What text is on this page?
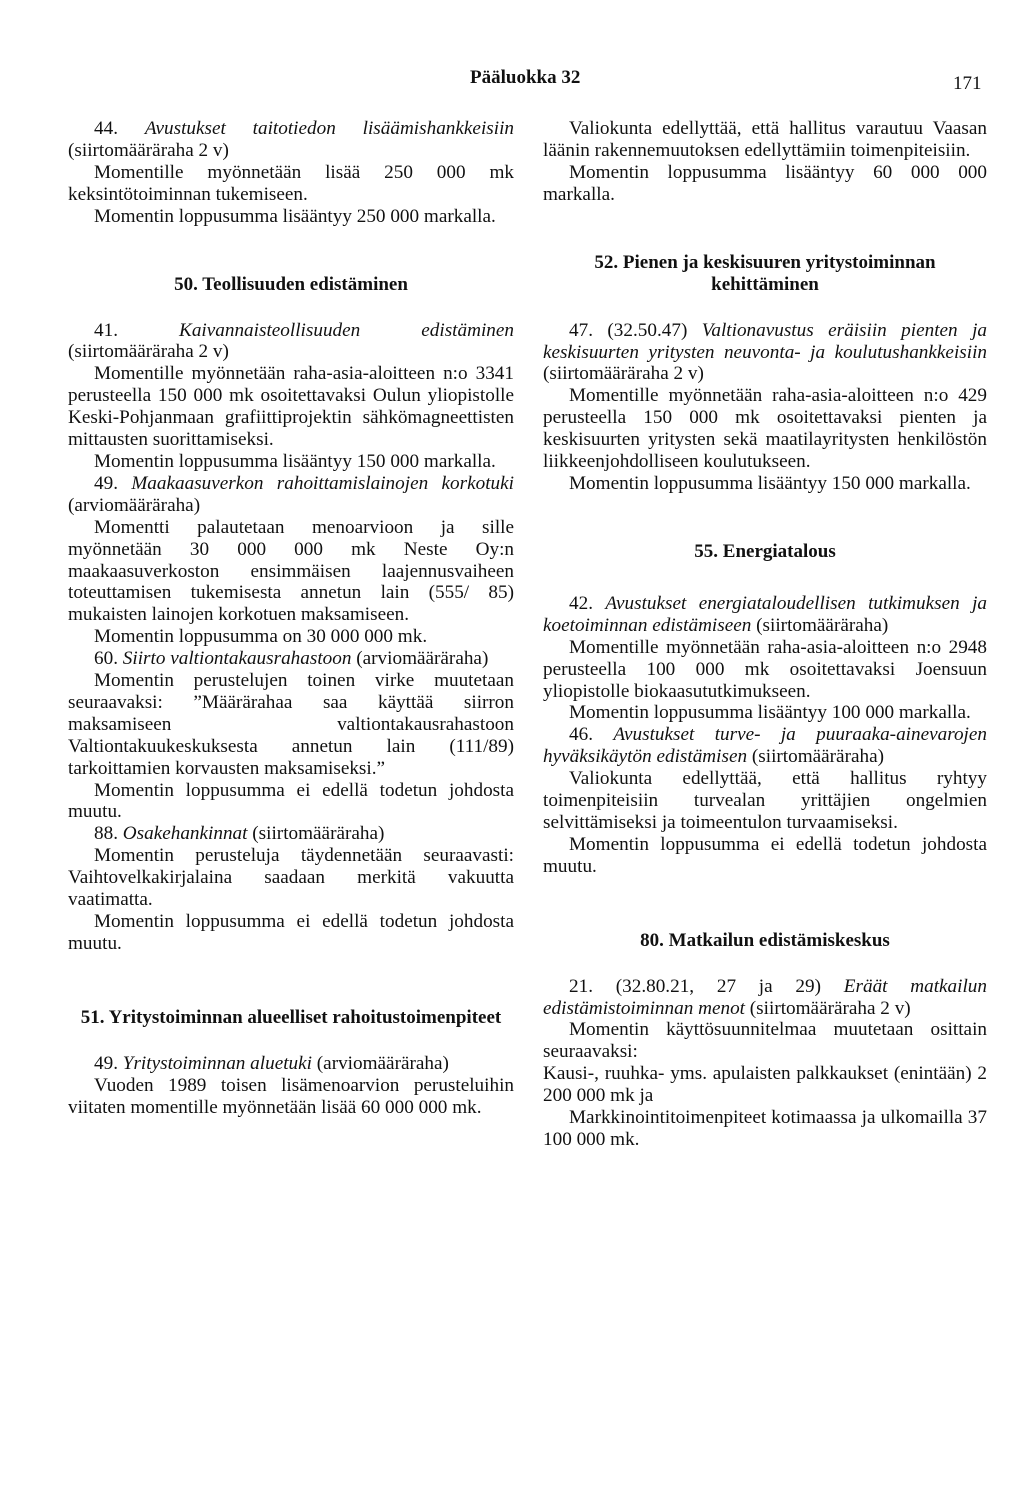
Pääluokka 32	171

44. Avustukset taitotiedon lisäämishankkeisiin (siirtomääräraha 2 v)

Momentille myönnetään lisää 250 000 mk keksintötoiminnan tukemiseen.

Momentin loppusumma lisääntyy 250 000 markalla.

50. Teollisuuden edistäminen

41.	Kaivannaisteollisuuden edistäminen (siirtomääräraha 2 v)

Momentille myönnetään raha-asia-aloitteen n:o 3341 perusteella 150 000 mk osoitettavaksi Oulun yliopistolle Keski-Pohjanmaan grafiittiprojektin sähkömagneettisten mittausten suorittamiseksi.

Momentin loppusumma lisääntyy 150 000 markalla.

49. Maakaasuverkon rahoittamislainojen korkotuki (arviomääräraha)

Momentti palautetaan menoarvioon ja sille myönnetään 30 000 000 mk Neste Oy:n maakaasuverkoston ensimmäisen laajennusvaiheen toteuttamisen tukemisesta annetun lain (555/ 85) mukaisten lainojen korkotuen maksamiseen.

Momentin loppusumma on 30 000 000 mk.

60. Siirto valtiontakausrahastoon (arviomääräraha)

Momentin perustelujen toinen virke muutetaan seuraavaksi: ”Määrärahaa saa käyttää siirron maksamiseen valtiontakausrahastoon Valtiontakuukeskuksesta annetun lain (111/89) tarkoittamien korvausten maksamiseksi.”

Momentin loppusumma ei edellä todetun johdosta muutu.

88. Osakehankinnat (siirtomääräraha)

Momentin perusteluja täydennetään seuraavasti: Vaihtovelkakirjalaina saadaan merkitä vakuutta vaatimatta.

Momentin loppusumma ei edellä todetun johdosta muutu.

51. Yritystoiminnan alueelliset rahoitustoimenpiteet

49. Yritystoiminnan aluetuki (arviomääräraha)

Vuoden 1989 toisen lisämenoarvion perusteluihin viitaten momentille myönnetään lisää 60 000 000 mk.

Valiokunta edellyttää, että hallitus varautuu Vaasan läänin rakennemuutoksen edellyttämiin toimenpiteisiin.

Momentin loppusumma lisääntyy 60 000 000 markalla.

52. Pienen ja keskisuuren yritystoiminnan kehittäminen

47. (32.50.47) Valtionavustus eräisiin pienten ja keskisuurten yritysten neuvonta- ja koulutushankkeisiin (siirtomääräraha 2 v)

Momentille myönnetään raha-asia-aloitteen n:o 429 perusteella 150 000 mk osoitettavaksi pienten ja keskisuurten yritysten sekä maatilayritysten henkilöstön liikkeenjohdolliseen koulutukseen.

Momentin loppusumma lisääntyy 150 000 markalla.

55. Energiatalous

42. Avustukset energiataloudellisen tutkimuksen ja koetoiminnan edistämiseen (siirtomääräraha)

Momentille myönnetään raha-asia-aloitteen n:o 2948 perusteella 100 000 mk osoitettavaksi Joensuun yliopistolle biokaasututkimukseen.

Momentin loppusumma lisääntyy 100 000 markalla.

46. Avustukset turve- ja puuraaka-ainevarojen hyväksikäytön edistämisen (siirtomääräraha)

Valiokunta edellyttää, että hallitus ryhtyy toimenpiteisiin turvealan yrittäjien ongelmien selvittämiseksi ja toimeentulon turvaamiseksi.

Momentin loppusumma ei edellä todetun johdosta muutu.

80. Matkailun edistämiskeskus

21. (32.80.21, 27 ja 29) Eräät matkailun edistämistoiminnan menot (siirtomääräraha 2 v)

Momentin käyttösuunnitelmaa muutetaan osittain seuraavaksi:

Kausi-, ruuhka- yms. apulaisten palkkaukset (enintään) 2 200 000 mk ja

Markkinointitoimenpiteet kotimaassa ja ulkomailla 37 100 000 mk.
